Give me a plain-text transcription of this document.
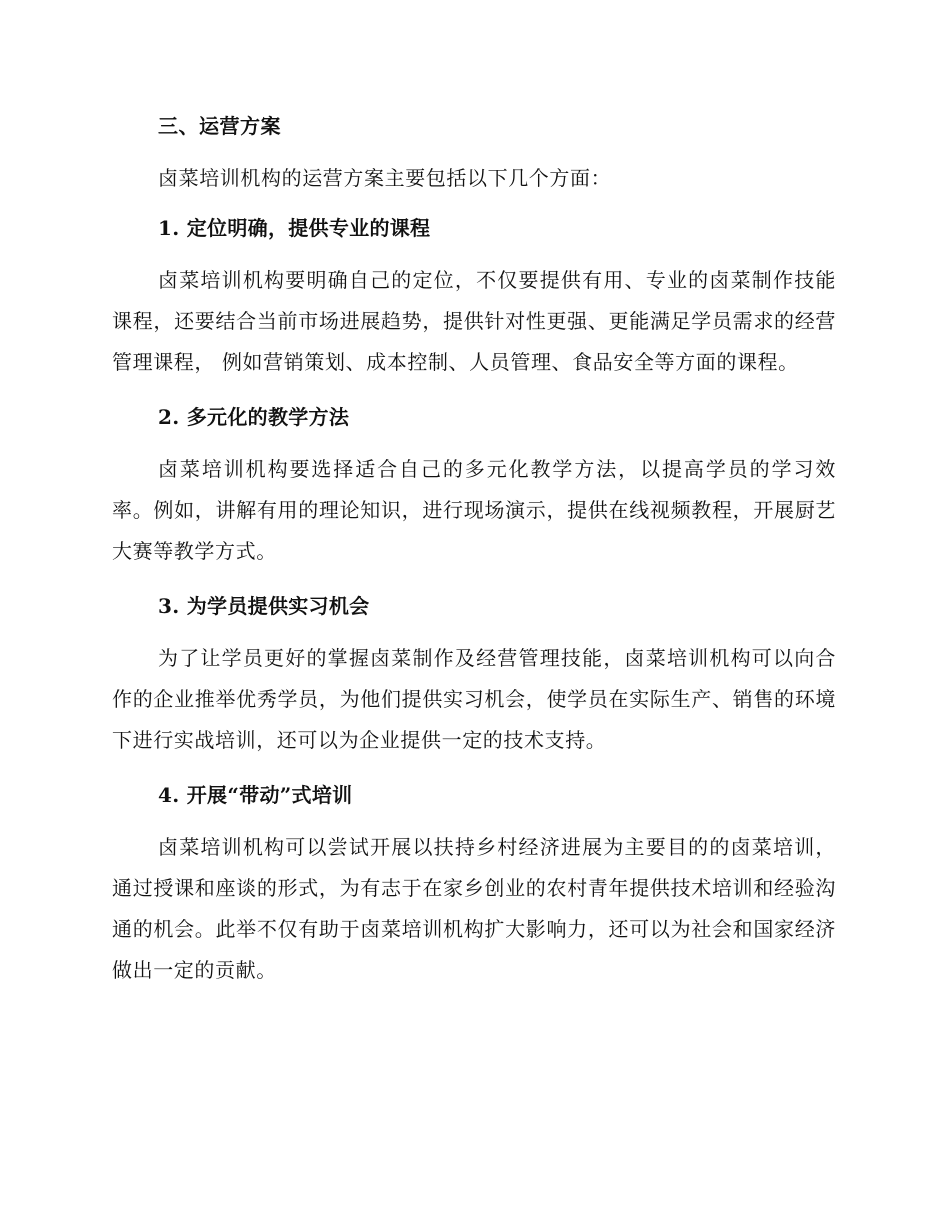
三、运营方案
卤菜培训机构的运营方案主要包括以下几个方面：
1. 定位明确，提供专业的课程
卤菜培训机构要明确自己的定位，不仅要提供有用、专业的卤菜制作技能课程，还要结合当前市场进展趋势，提供针对性更强、更能满足学员需求的经营管理课程， 例如营销策划、成本控制、人员管理、食品安全等方面的课程。
2. 多元化的教学方法
卤菜培训机构要选择适合自己的多元化教学方法，以提高学员的学习效率。例如，讲解有用的理论知识，进行现场演示，提供在线视频教程，开展厨艺大赛等教学方式。
3. 为学员提供实习机会
为了让学员更好的掌握卤菜制作及经营管理技能，卤菜培训机构可以向合作的企业推举优秀学员，为他们提供实习机会，使学员在实际生产、销售的环境下进行实战培训，还可以为企业提供一定的技术支持。
4. 开展“带动”式培训
卤菜培训机构可以尝试开展以扶持乡村经济进展为主要目的的卤菜培训，通过授课和座谈的形式，为有志于在家乡创业的农村青年提供技术培训和经验沟通的机会。此举不仅有助于卤菜培训机构扩大影响力，还可以为社会和国家经济做出一定的贡献。
